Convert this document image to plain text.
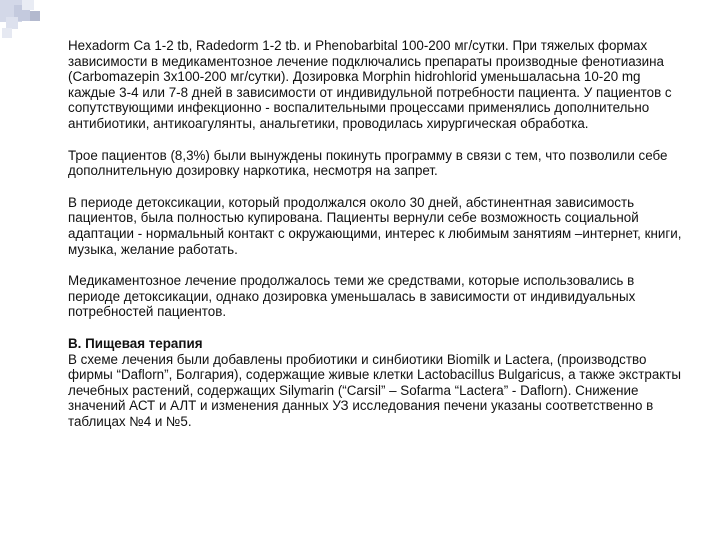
Hexadorm Ca 1-2 tb, Radedorm 1-2 tb. и Phenobarbital 100-200 мг/сутки. При тяжелых формах зависимости в медикаментозное лечение подключались препараты производные фенотиазина (Carbomazepin 3х100-200 мг/сутки). Дозировка Morphin hidrohlorid уменьшаласьна 10-20 mg каждые 3-4 или 7-8 дней в зависимости от индивидульной потребности пациента. У пациентов с сопутствующими инфекционно - воспалительными процессами применялись дополнительно антибиотики, антикоагулянты, анальгетики, проводилась хирургическая обработка.

Трое пациентов (8,3%) были вынуждены покинуть программу в связи с тем, что позволили себе дополнительную дозировку наркотика, несмотря на запрет.

В периоде детоксикации, который продолжался около 30 дней, абстинентная зависимость пациентов, была полностью купирована. Пациенты вернули себе возможность социальной адаптации - нормальный контакт с окружающими, интерес к любимым занятиям –интернет, книги, музыка, желание работать.

Медикаментозное лечение продолжалось теми же средствами, которые использовались в периоде детоксикации, однако дозировка уменьшалась в зависимости от индивидуальных потребностей пациентов.

В. Пищевая терапия

В схеме лечения были добавлены пробиотики и синбиотики Biomilk и Lactera, (производство фирмы “Daflorn”, Болгария), содержащие живые клетки Lactobacillus Bulgaricus, а также экстракты лечебных растений, содержащих Silymarin (“Carsil” – Sofarma “Lactera” - Daflorn). Снижение значений АСТ и АЛТ и изменения данных УЗ исследования печени указаны соответственно в таблицах №4 и №5.
